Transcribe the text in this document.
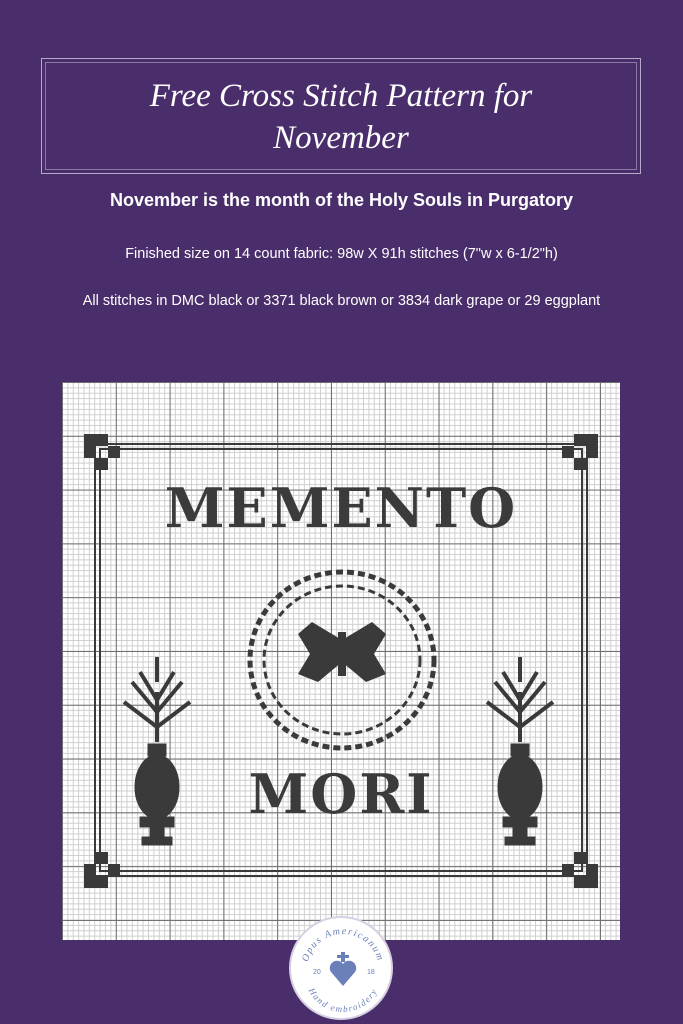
Free Cross Stitch Pattern for November
November is the month of the Holy Souls in Purgatory
Finished size on 14 count fabric: 98w X 91h stitches (7"w x 6-1/2"h)
All stitches in DMC black or 3371 black brown or 3834 dark grape or 29 eggplant
MEMENTO
MORI
Opus Americanum
Hand embroidery
20	18
